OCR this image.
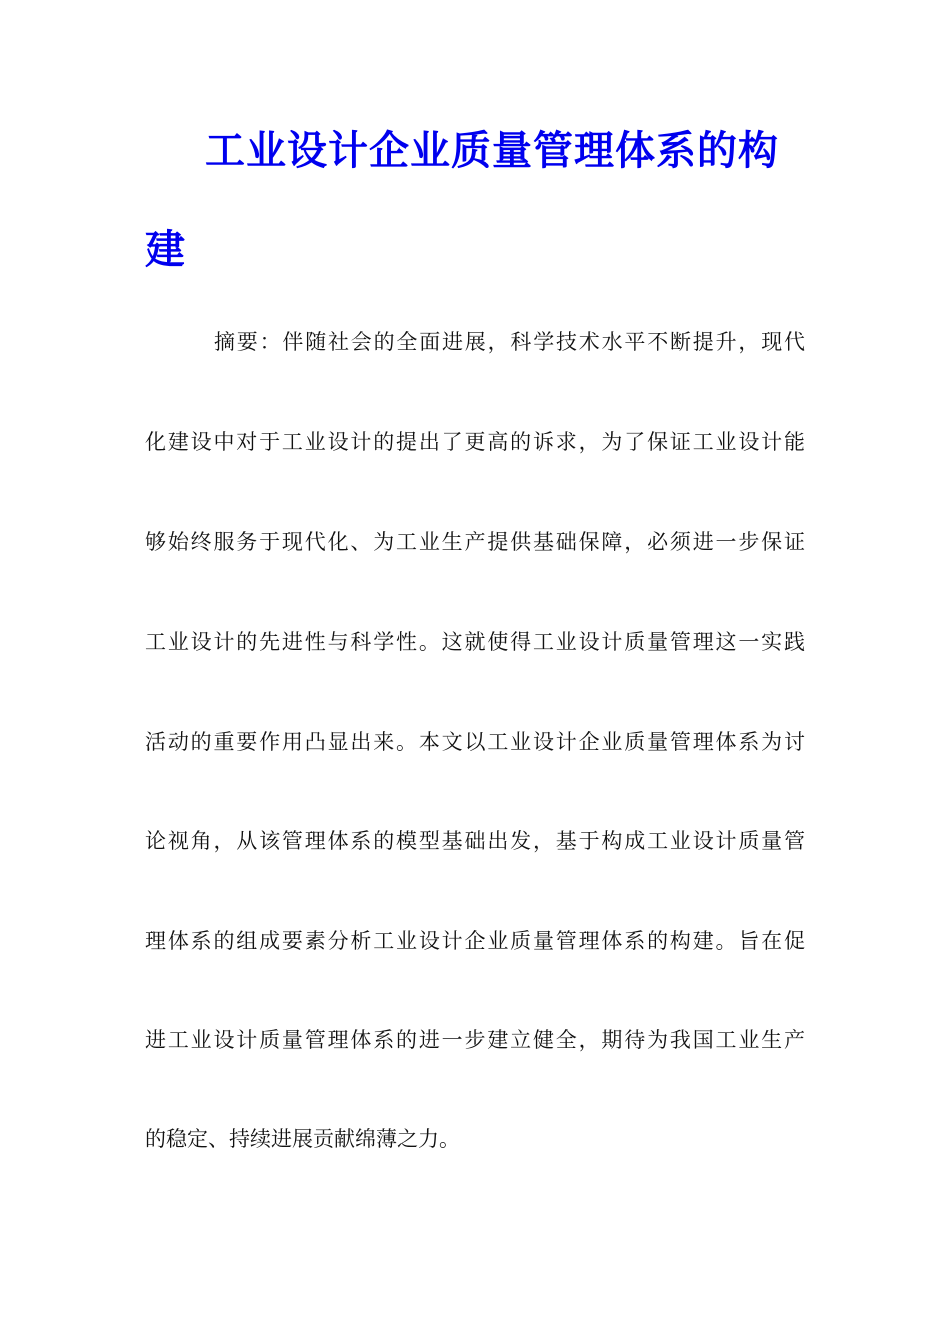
工业设计企业质量管理体系的构
建
摘要：伴随社会的全面进展，科学技术水平不断提升，现代
化建设中对于工业设计的提出了更高的诉求，为了保证工业设计能
够始终服务于现代化、为工业生产提供基础保障，必须进一步保证
工业设计的先进性与科学性。这就使得工业设计质量管理这一实践
活动的重要作用凸显出来。本文以工业设计企业质量管理体系为讨
论视角，从该管理体系的模型基础出发，基于构成工业设计质量管
理体系的组成要素分析工业设计企业质量管理体系的构建。旨在促
进工业设计质量管理体系的进一步建立健全，期待为我国工业生产
的稳定、持续进展贡献绵薄之力。
